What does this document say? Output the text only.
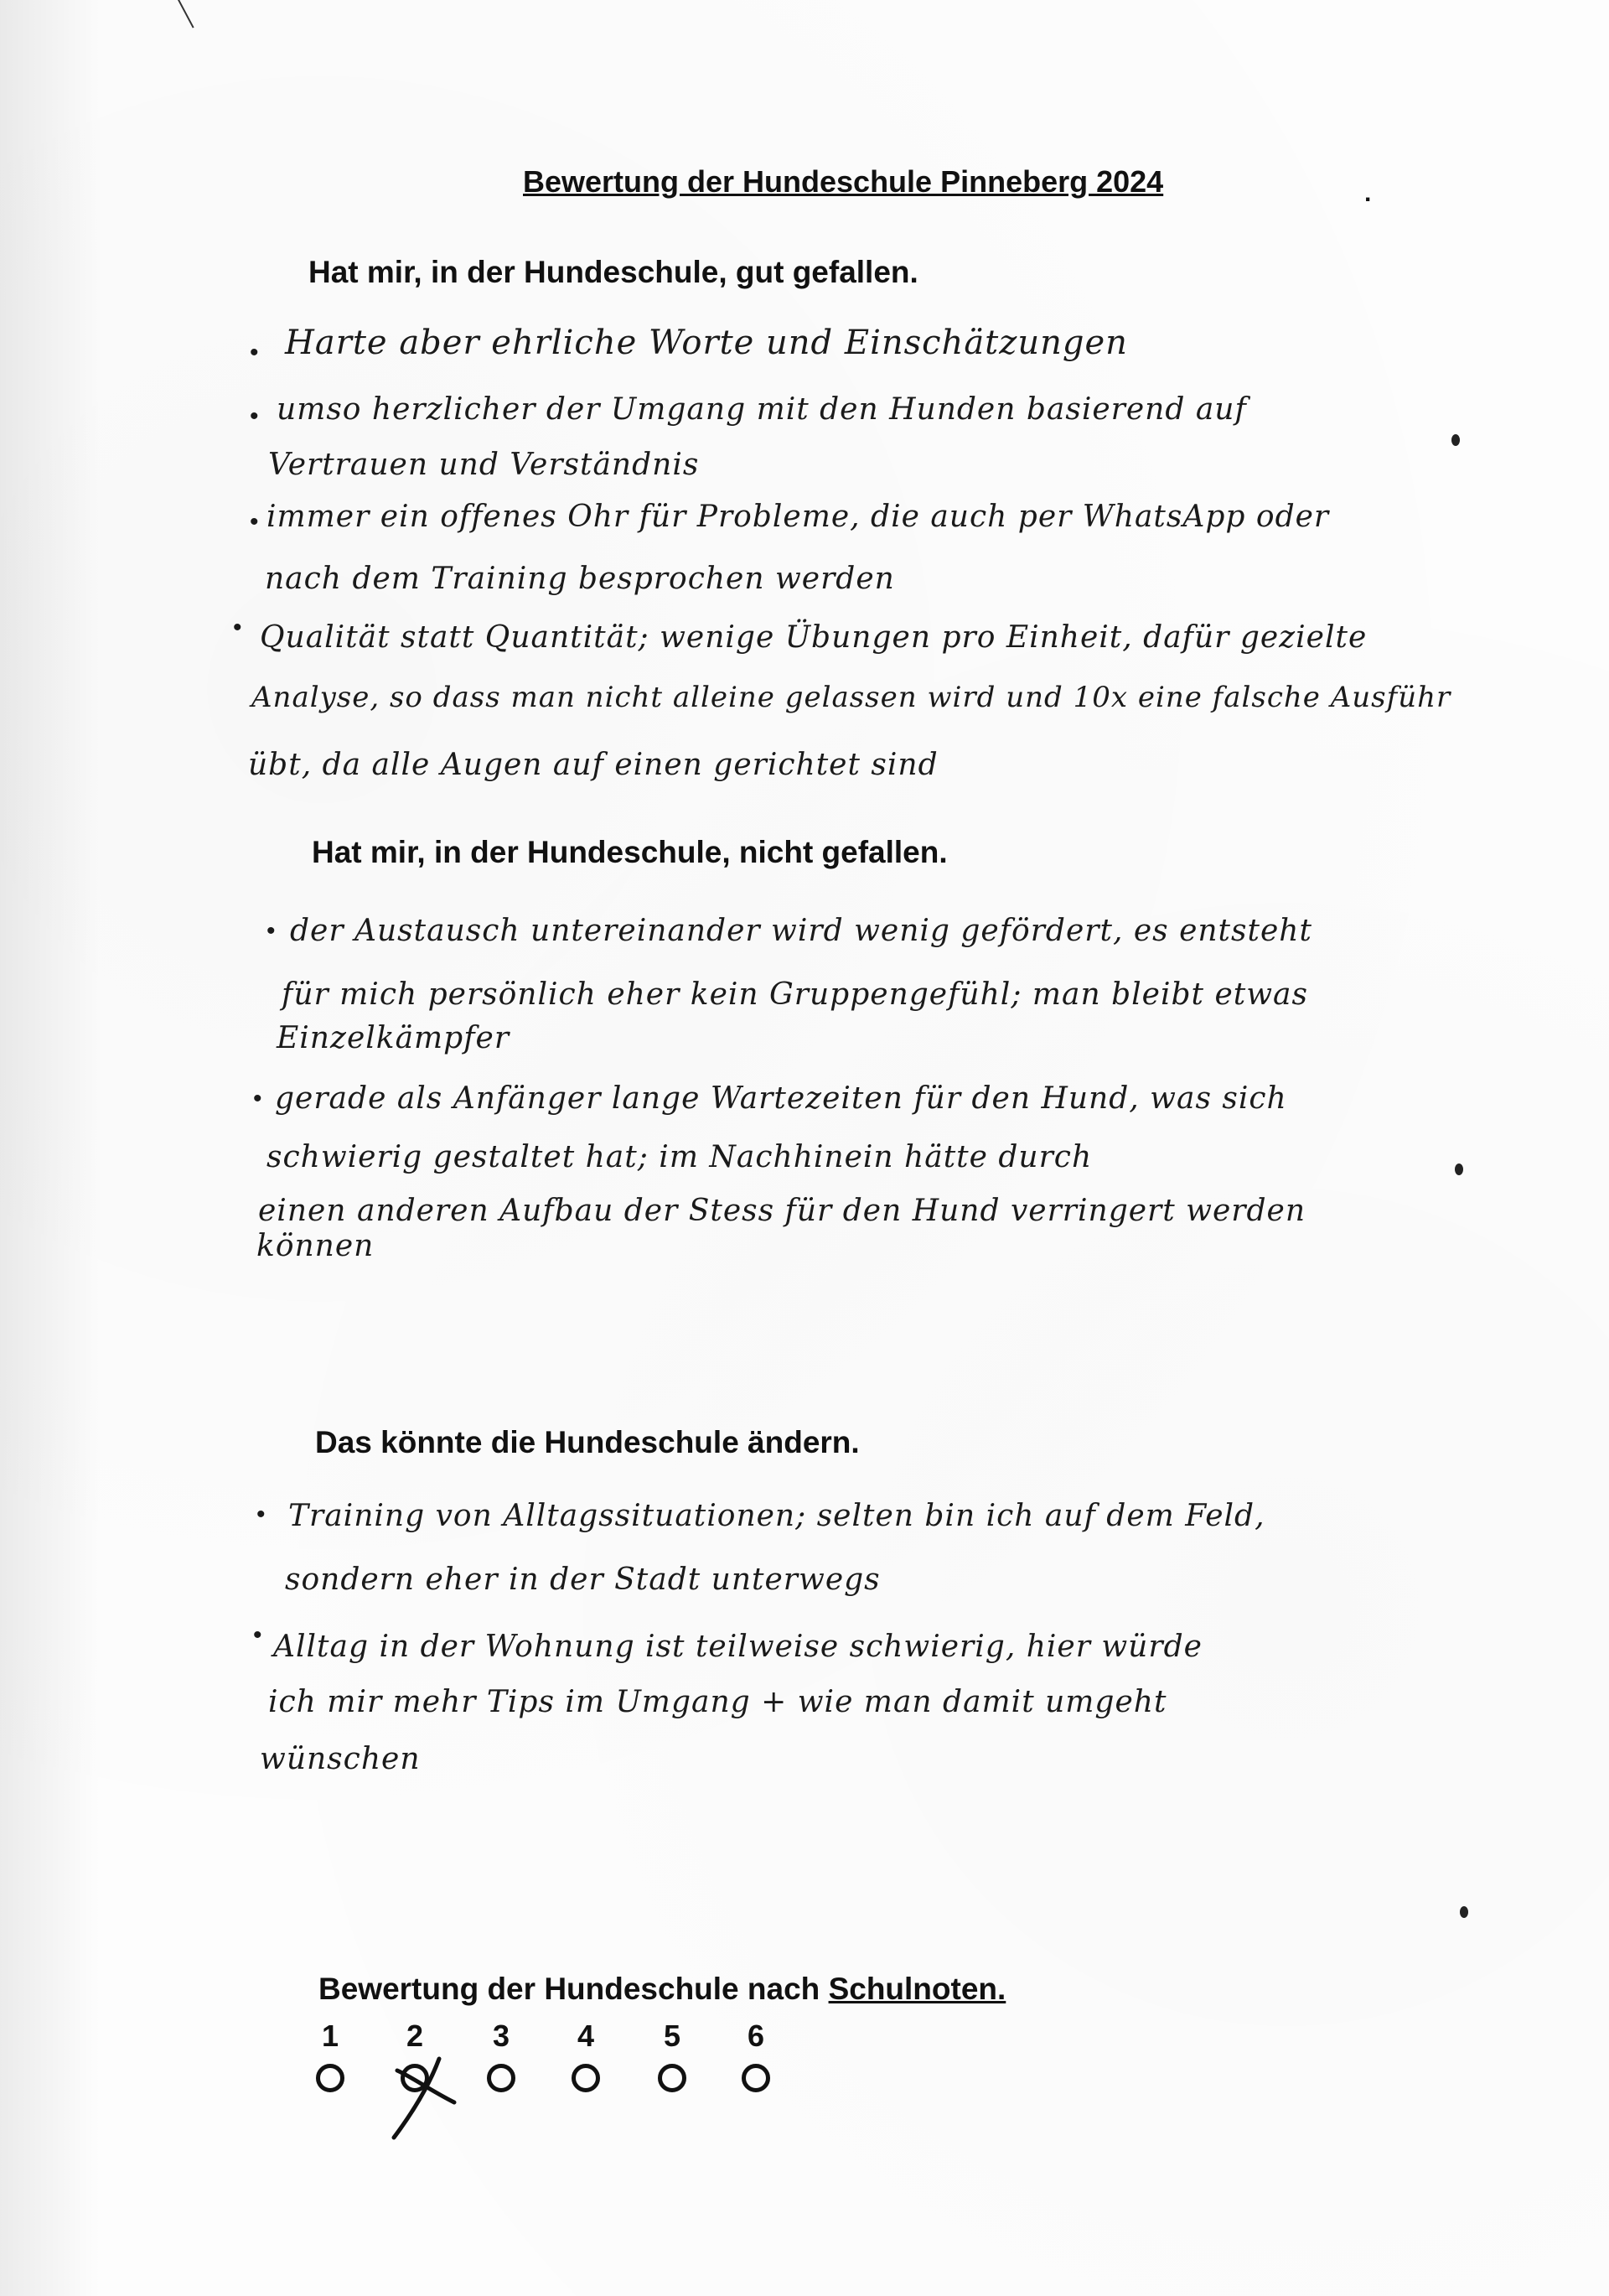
Bewertung der Hundeschule Pinneberg 2024	.
Hat mir, in der Hundeschule, gut gefallen.
• Harte aber ehrliche Worte und Einschätzungen
• umso herzlicher der Umgang mit den Hunden basierend auf
Vertrauen und Verständnis
• immer ein offenes Ohr für Probleme, die auch per WhatsApp oder
nach dem Training besprochen werden
• Qualität statt Quantität; wenige Übungen pro Einheit, dafür gezielte
Analyse, so dass man nicht alleine gelassen wird und 10x eine falsche Ausführ
übt, da alle Augen auf einen gerichtet sind
Hat mir, in der Hundeschule, nicht gefallen.
• der Austausch untereinander wird wenig gefördert, es entsteht
für mich persönlich eher kein Gruppengefühl; man bleibt etwas
Einzelkämpfer
• gerade als Anfänger lange Wartezeiten für den Hund, was sich
schwierig gestaltet hat; im Nachhinein hätte durch
einen anderen Aufbau der Stess für den Hund verringert werden
können
Das könnte die Hundeschule ändern.
• Training von Alltagssituationen; selten bin ich auf dem Feld,
sondern eher in der Stadt unterwegs
• Alltag in der Wohnung ist teilweise schwierig, hier würde
ich mir mehr Tips im Umgang + wie man damit umgeht
wünschen
Bewertung der Hundeschule nach Schulnoten.
1 2 3 4 5 6
